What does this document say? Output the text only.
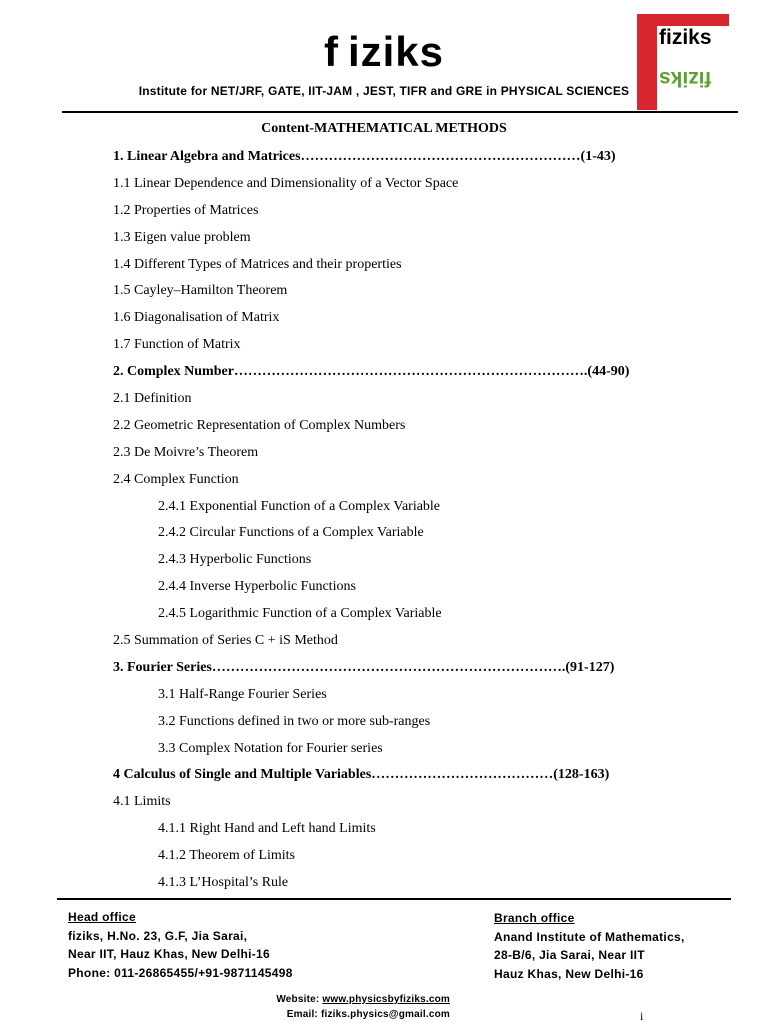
f iziks
Institute for NET/JRF, GATE, IIT-JAM , JEST, TIFR and GRE in PHYSICAL SCIENCES
fiziks
fiziks
Content-MATHEMATICAL METHODS
1. Linear Algebra and Matrices……………………………………………………(1-43)
1.1 Linear Dependence and Dimensionality of a Vector Space
1.2 Properties of Matrices
1.3 Eigen value problem
1.4 Different Types of Matrices and their properties
1.5 Cayley–Hamilton Theorem
1.6 Diagonalisation of Matrix
1.7 Function of Matrix
2. Complex Number………………………………………………………………….(44-90)
2.1 Definition
2.2 Geometric Representation of Complex Numbers
2.3 De Moivre’s Theorem
2.4 Complex Function
2.4.1 Exponential Function of a Complex Variable
2.4.2 Circular Functions of a Complex Variable
2.4.3 Hyperbolic Functions
2.4.4 Inverse Hyperbolic Functions
2.4.5 Logarithmic Function of a Complex Variable
2.5 Summation of Series C + iS Method
3. Fourier Series………………………………………………………………….(91-127)
3.1 Half-Range Fourier Series
3.2 Functions defined in two or more sub-ranges
3.3 Complex Notation for Fourier series
4 Calculus of Single and Multiple Variables…………………………………(128-163)
4.1 Limits
4.1.1 Right Hand and Left hand Limits
4.1.2 Theorem of Limits
4.1.3 L’Hospital’s Rule
Head office
fiziks, H.No. 23, G.F, Jia Sarai,
Near IIT, Hauz Khas, New Delhi-16
Phone: 011-26865455/+91-9871145498
Branch office
Anand Institute of Mathematics,
28-B/6, Jia Sarai, Near IIT
Hauz Khas, New Delhi-16
Website: www.physicsbyfiziks.com
Email: fiziks.physics@gmail.com	i
